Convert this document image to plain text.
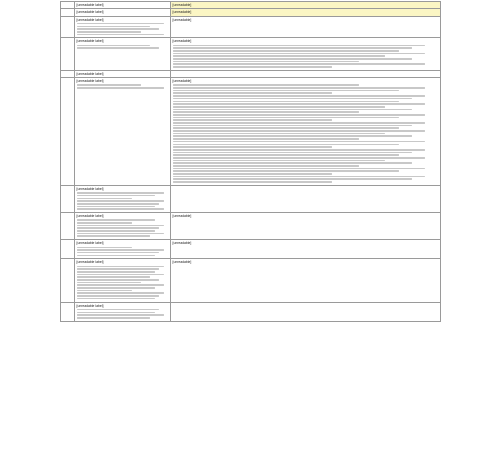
	[unreadable label]	[unreadable]

	[unreadable label]	[unreadable]

	[unreadable label]	[unreadable]

	[unreadable label]	[unreadable]

	[unreadable label]	

	[unreadable label]	[unreadable]

	[unreadable label]	

	[unreadable label]	[unreadable]

	[unreadable label]	[unreadable]

	[unreadable label]	[unreadable]

	[unreadable label]	
